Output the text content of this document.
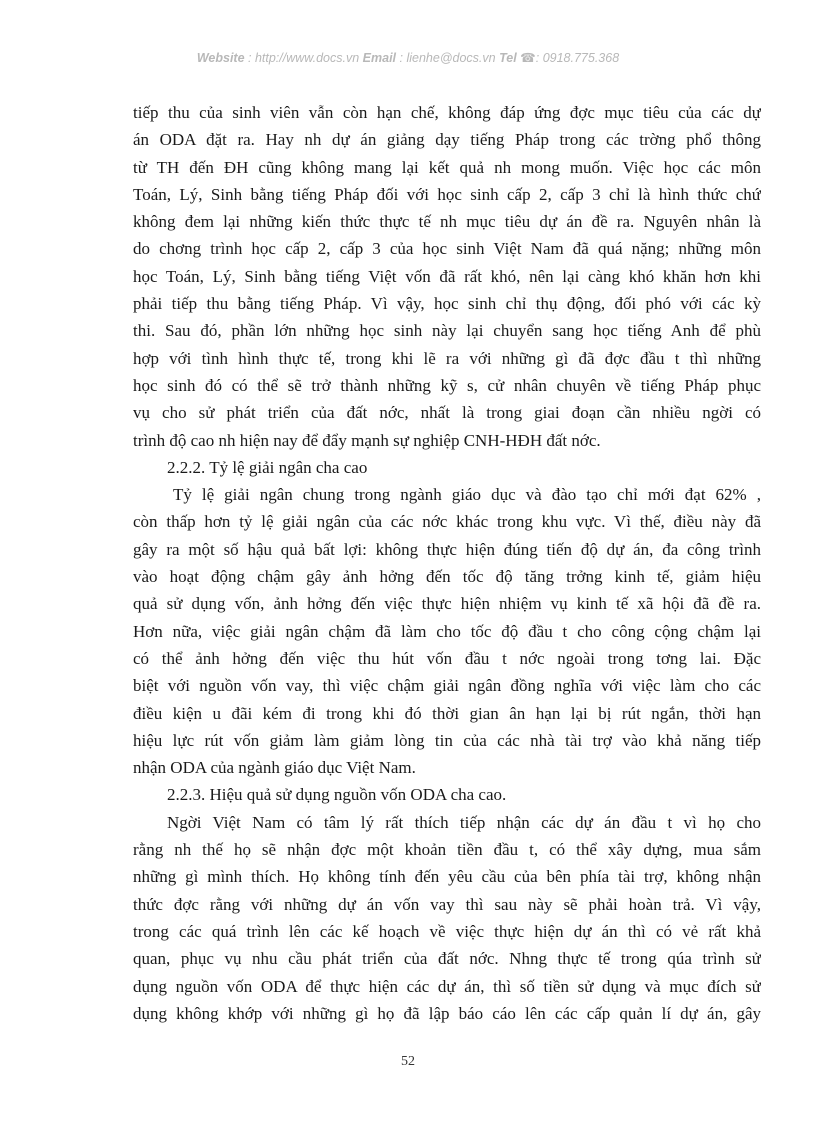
Website : http://www.docs.vn Email : lienhe@docs.vn Tel ☎: 0918.775.368
tiếp thu của sinh viên vẫn còn hạn chế, không đáp ứng đợc mục tiêu của các dự
án ODA đặt ra. Hay nh dự án giảng dạy tiếng Pháp trong các trờng phổ thông
từ TH đến ĐH cũng không mang lại kết quả nh mong muốn. Việc học các môn
Toán, Lý, Sinh bằng tiếng Pháp đối với học sinh cấp 2, cấp 3 chỉ là hình thức chứ
không đem lại những kiến thức thực tế nh mục tiêu dự án đề ra. Nguyên nhân là
do chơng trình học cấp 2, cấp 3 của học sinh Việt Nam đã quá nặng; những môn
học Toán, Lý, Sinh bằng tiếng Việt vốn đã rất khó, nên lại càng khó khăn hơn khi
phải tiếp thu bằng tiếng Pháp. Vì vậy, học sinh chỉ thụ động, đối phó với các kỳ
thi. Sau đó, phần lớn những học sinh này lại chuyển sang học tiếng Anh để phù
hợp với tình hình thực tế, trong khi lẽ ra với những gì đã đợc đầu t thì những
học sinh đó có thể sẽ trở thành những kỹ s, cử nhân chuyên về tiếng Pháp phục
vụ cho sử phát triển của đất nớc, nhất là trong giai đoạn cần nhiều ngời có
trình độ cao nh hiện nay để đẩy mạnh sự nghiệp CNH-HĐH đất nớc.
2.2.2. Tỷ lệ giải ngân cha cao
Tỷ lệ giải ngân chung trong ngành giáo dục và đào tạo chỉ mới đạt 62% ,
còn thấp hơn tỷ lệ giải ngân của các nớc khác trong khu vực. Vì thế, điều này đã
gây ra một số hậu quả bất lợi: không thực hiện đúng tiến độ dự án, đa công trình
vào hoạt động chậm gây ảnh hởng đến tốc độ tăng trởng kinh tế, giảm hiệu
quả sử dụng vốn, ảnh hởng đến việc thực hiện nhiệm vụ kinh tế xã hội đã đề ra.
Hơn nữa, việc giải ngân chậm đã làm cho tốc độ đầu t cho công cộng chậm lại
có thể ảnh hởng đến việc thu hút vốn đầu t nớc ngoài trong tơng lai. Đặc
biệt với nguồn vốn vay, thì việc chậm giải ngân đồng nghĩa với việc làm cho các
điều kiện u đãi kém đi trong khi đó thời gian ân hạn lại bị rút ngắn, thời hạn
hiệu lực rút vốn giảm làm giảm lòng tin của các nhà tài trợ vào khả năng tiếp
nhận ODA của ngành giáo dục Việt Nam.
2.2.3. Hiệu quả sử dụng nguồn vốn ODA cha cao.
Ngời Việt Nam có tâm lý rất thích tiếp nhận các dự án đầu t vì họ cho
rằng nh thế họ sẽ nhận đợc một khoản tiền đầu t, có thể xây dựng, mua sắm
những gì mình thích. Họ không tính đến yêu cầu của bên phía tài trợ, không nhận
thức đợc rằng với những dự án vốn vay thì sau này sẽ phải hoàn trả. Vì vậy,
trong các quá trình lên các kế hoạch về việc thực hiện dự án thì có vẻ rất khả
quan, phục vụ nhu cầu phát triển của đất nớc. Nhng thực tế trong qúa trình sử
dụng nguồn vốn ODA để thực hiện các dự án, thì số tiền sử dụng và mục đích sử
dụng không khớp với những gì họ đã lập báo cáo lên các cấp quản lí dự án, gây
52
